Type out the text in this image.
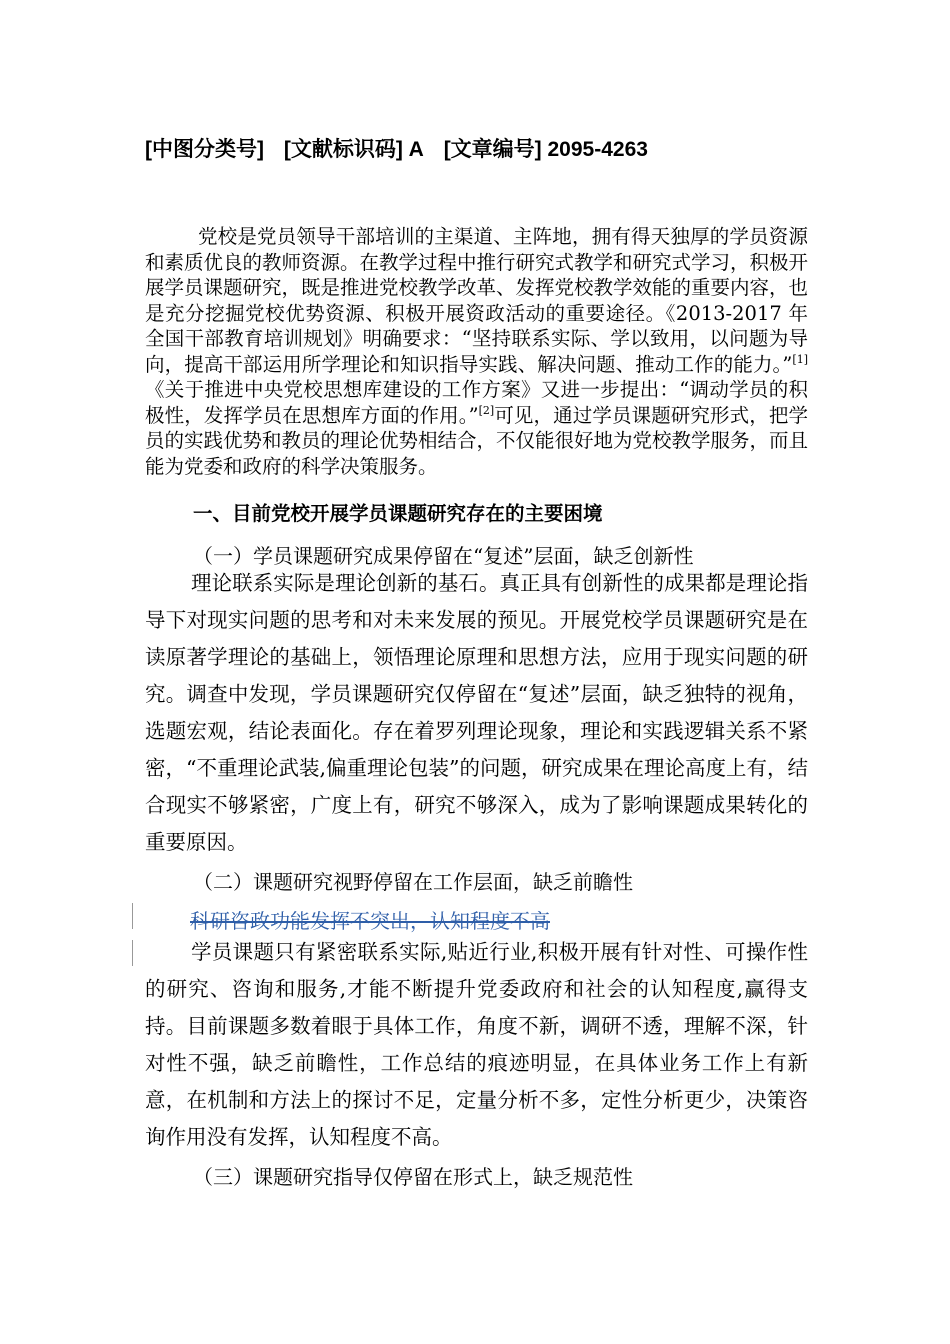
[中图分类号] [文献标识码] A [文章编号] 2095-4263
党校是党员领导干部培训的主渠道、主阵地，拥有得天独厚的学员资源和素质优良的教师资源。在教学过程中推行研究式教学和研究式学习，积极开展学员课题研究，既是推进党校教学改革、发挥党校教学效能的重要内容，也是充分挖掘党校优势资源、积极开展资政活动的重要途径。《2013-2017 年全国干部教育培训规划》明确要求：“坚持联系实际、学以致用，以问题为导向，提高干部运用所学理论和知识指导实践、解决问题、推动工作的能力。”[1]《关于推进中央党校思想库建设的工作方案》又进一步提出：“调动学员的积极性，发挥学员在思想库方面的作用。”[2]可见，通过学员课题研究形式，把学员的实践优势和教员的理论优势相结合，不仅能很好地为党校教学服务，而且能为党委和政府的科学决策服务。
一、目前党校开展学员课题研究存在的主要困境
（一）学员课题研究成果停留在“复述”层面，缺乏创新性
理论联系实际是理论创新的基石。真正具有创新性的成果都是理论指导下对现实问题的思考和对未来发展的预见。开展党校学员课题研究是在读原著学理论的基础上，领悟理论原理和思想方法，应用于现实问题的研究。调查中发现，学员课题研究仅停留在“复述”层面，缺乏独特的视角，选题宏观，结论表面化。存在着罗列理论现象，理论和实践逻辑关系不紧密，“不重理论武装,偏重理论包装”的问题，研究成果在理论高度上有，结合现实不够紧密，广度上有，研究不够深入，成为了影响课题成果转化的重要原因。
（二）课题研究视野停留在工作层面，缺乏前瞻性
科研咨政功能发挥不突出，认知程度不高
学员课题只有紧密联系实际,贴近行业,积极开展有针对性、可操作性的研究、咨询和服务,才能不断提升党委政府和社会的认知程度,赢得支持。目前课题多数着眼于具体工作，角度不新，调研不透，理解不深，针对性不强，缺乏前瞻性，工作总结的痕迹明显，在具体业务工作上有新意，在机制和方法上的探讨不足，定量分析不多，定性分析更少，决策咨询作用没有发挥，认知程度不高。
（三）课题研究指导仅停留在形式上，缺乏规范性
